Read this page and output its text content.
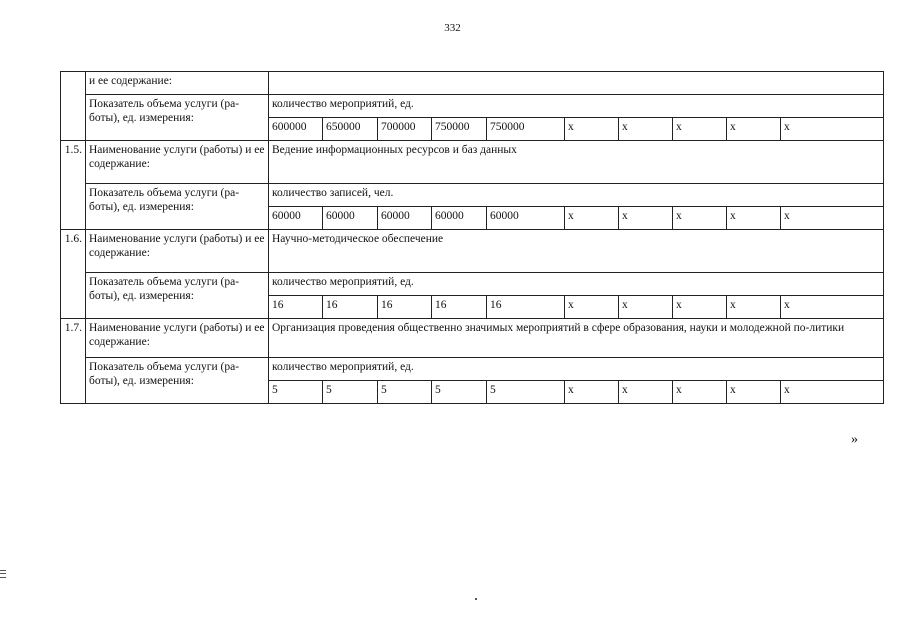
332
	и ее содержание:										
	Показатель объема услуги (ра-боты), ед. измерения:	количество мероприятий, ед.									
		600000	650000	700000	750000	750000	х	х	х	х	х
1.5.	Наименование услуги (работы) и ее содержание:	Ведение информационных ресурсов и баз данных									
	Показатель объема услуги (ра-боты), ед. измерения:	количество записей, чел.									
		60000	60000	60000	60000	60000	х	х	х	х	х
1.6.	Наименование услуги (работы) и ее содержание:	Научно-методическое обеспечение									
	Показатель объема услуги (ра-боты), ед. измерения:	количество мероприятий, ед.									
		16	16	16	16	16	х	х	х	х	х
1.7.	Наименование услуги (работы) и ее содержание:	Организация проведения общественно значимых мероприятий в сфере образования, науки и молодежной по-литики									
	Показатель объема услуги (ра-боты), ед. измерения:	количество мероприятий, ед.									
		5	5	5	5	5	х	х	х	х	х
»
